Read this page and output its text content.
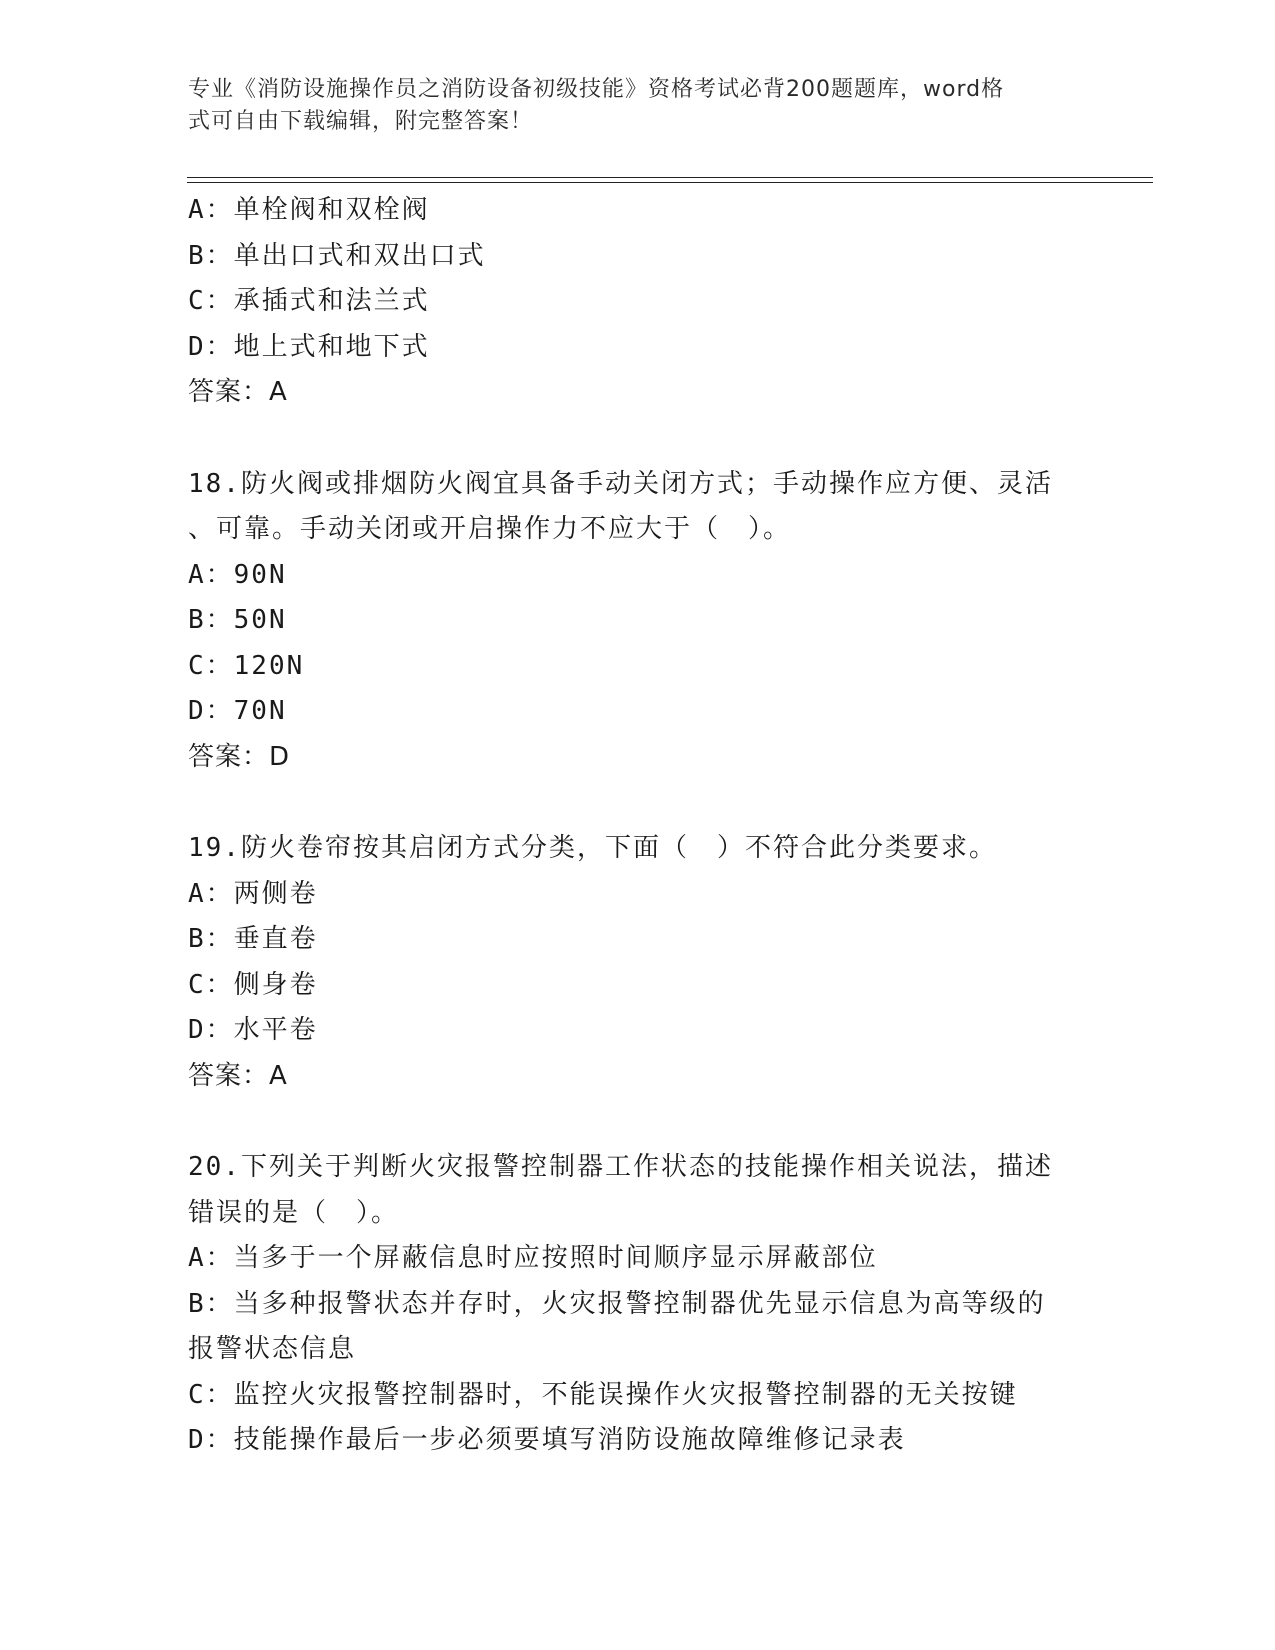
专业《消防设施操作员之消防设备初级技能》资格考试必背200题题库，word格
式可自由下载编辑，附完整答案！
A：单栓阀和双栓阀
B：单出口式和双出口式
C：承插式和法兰式
D：地上式和地下式
答案：A
18.防火阀或排烟防火阀宜具备手动关闭方式；手动操作应方便、灵活
、可靠。手动关闭或开启操作力不应大于（　）。
A：90N
B：50N
C：120N
D：70N
答案：D
19.防火卷帘按其启闭方式分类，下面（　）不符合此分类要求。
A：两侧卷
B：垂直卷
C：侧身卷
D：水平卷
答案：A
20.下列关于判断火灾报警控制器工作状态的技能操作相关说法，描述
错误的是（　）。
A：当多于一个屏蔽信息时应按照时间顺序显示屏蔽部位
B：当多种报警状态并存时，火灾报警控制器优先显示信息为高等级的
报警状态信息
C：监控火灾报警控制器时，不能误操作火灾报警控制器的无关按键
D：技能操作最后一步必须要填写消防设施故障维修记录表
